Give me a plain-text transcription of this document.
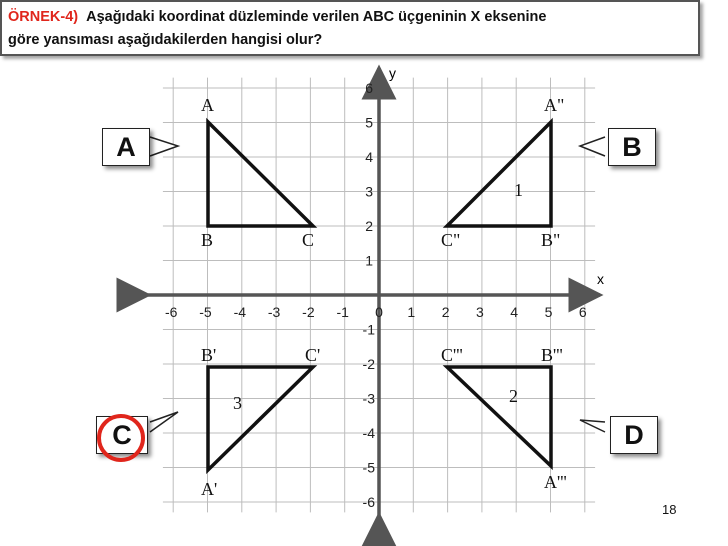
ÖRNEK-4) Aşağıdaki koordinat düzleminde verilen ABC üçgeninin X eksenine
göre yansıması aşağıdakilerden hangisi olur?
-6 -5 -4 -3 -2 -1 0 1 2 3 4 5 6
1
2
3
4
5
6
-1
-2
-3
-4
-5
-6
x
y
A
B	C
A"
B"
C"
1
B'''
C'''
A'''
2
B'	C'
A'
3
A	B
C	D
18
